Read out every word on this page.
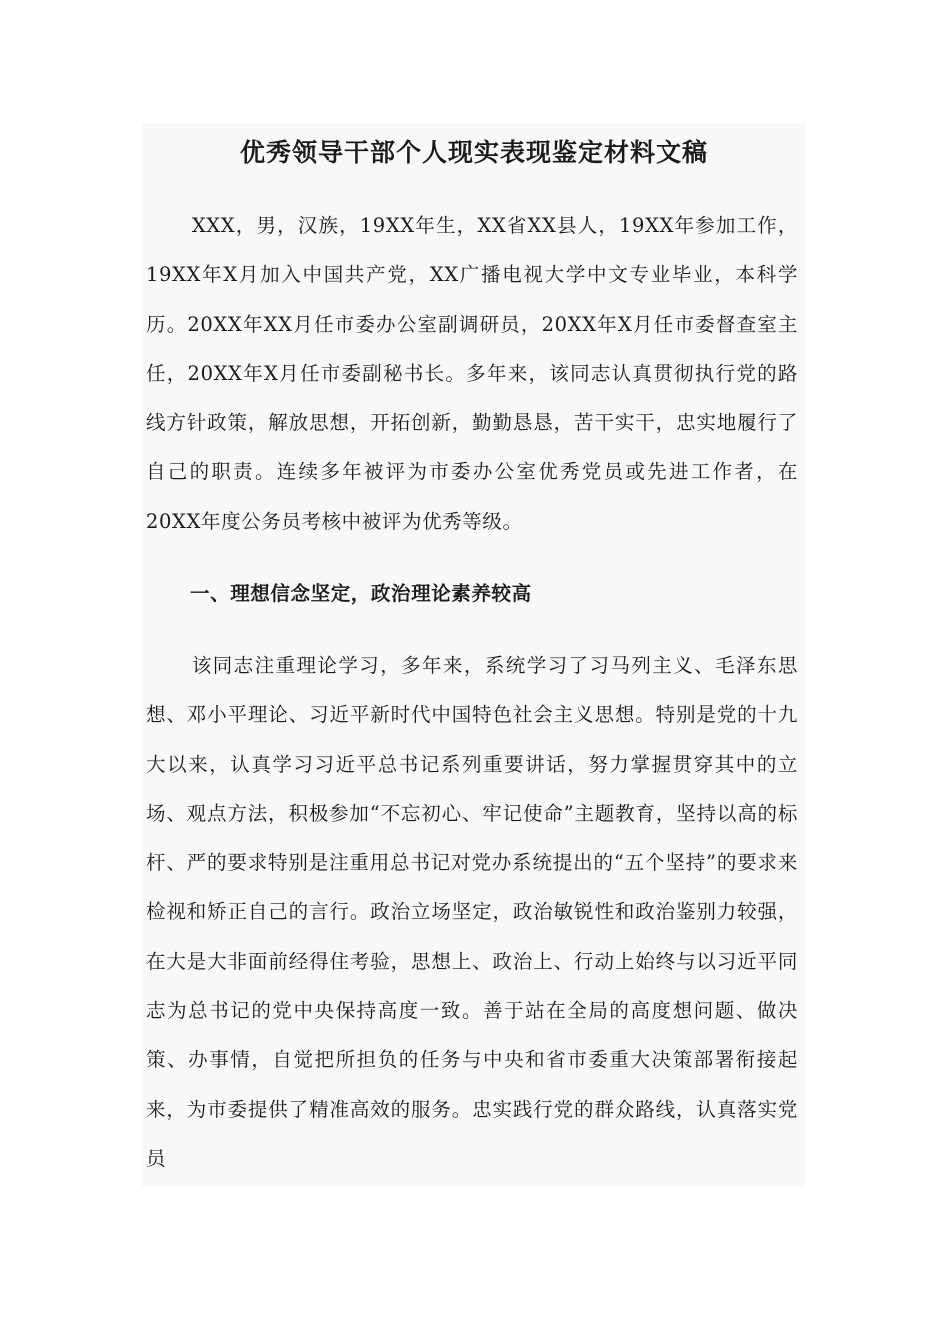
优秀领导干部个人现实表现鉴定材料文稿
XXX，男，汉族，19XX年生，XX省XX县人，19XX年参加工作，19XX年X月加入中国共产党，XX广播电视大学中文专业毕业，本科学历。20XX年XX月任市委办公室副调研员，20XX年X月任市委督查室主任，20XX年X月任市委副秘书长。多年来，该同志认真贯彻执行党的路线方针政策，解放思想，开拓创新，勤勤恳恳，苦干实干，忠实地履行了自己的职责。连续多年被评为市委办公室优秀党员或先进工作者，在20XX年度公务员考核中被评为优秀等级。
一、理想信念坚定，政治理论素养较高
该同志注重理论学习，多年来，系统学习了习马列主义、毛泽东思想、邓小平理论、习近平新时代中国特色社会主义思想。特别是党的十九大以来，认真学习习近平总书记系列重要讲话，努力掌握贯穿其中的立场、观点方法，积极参加“不忘初心、牢记使命”主题教育，坚持以高的标杆、严的要求特别是注重用总书记对党办系统提出的“五个坚持”的要求来检视和矫正自己的言行。政治立场坚定，政治敏锐性和政治鉴别力较强，在大是大非面前经得住考验，思想上、政治上、行动上始终与以习近平同志为总书记的党中央保持高度一致。善于站在全局的高度想问题、做决策、办事情，自觉把所担负的任务与中央和省市委重大决策部署衔接起来，为市委提供了精准高效的服务。忠实践行党的群众路线，认真落实党员
